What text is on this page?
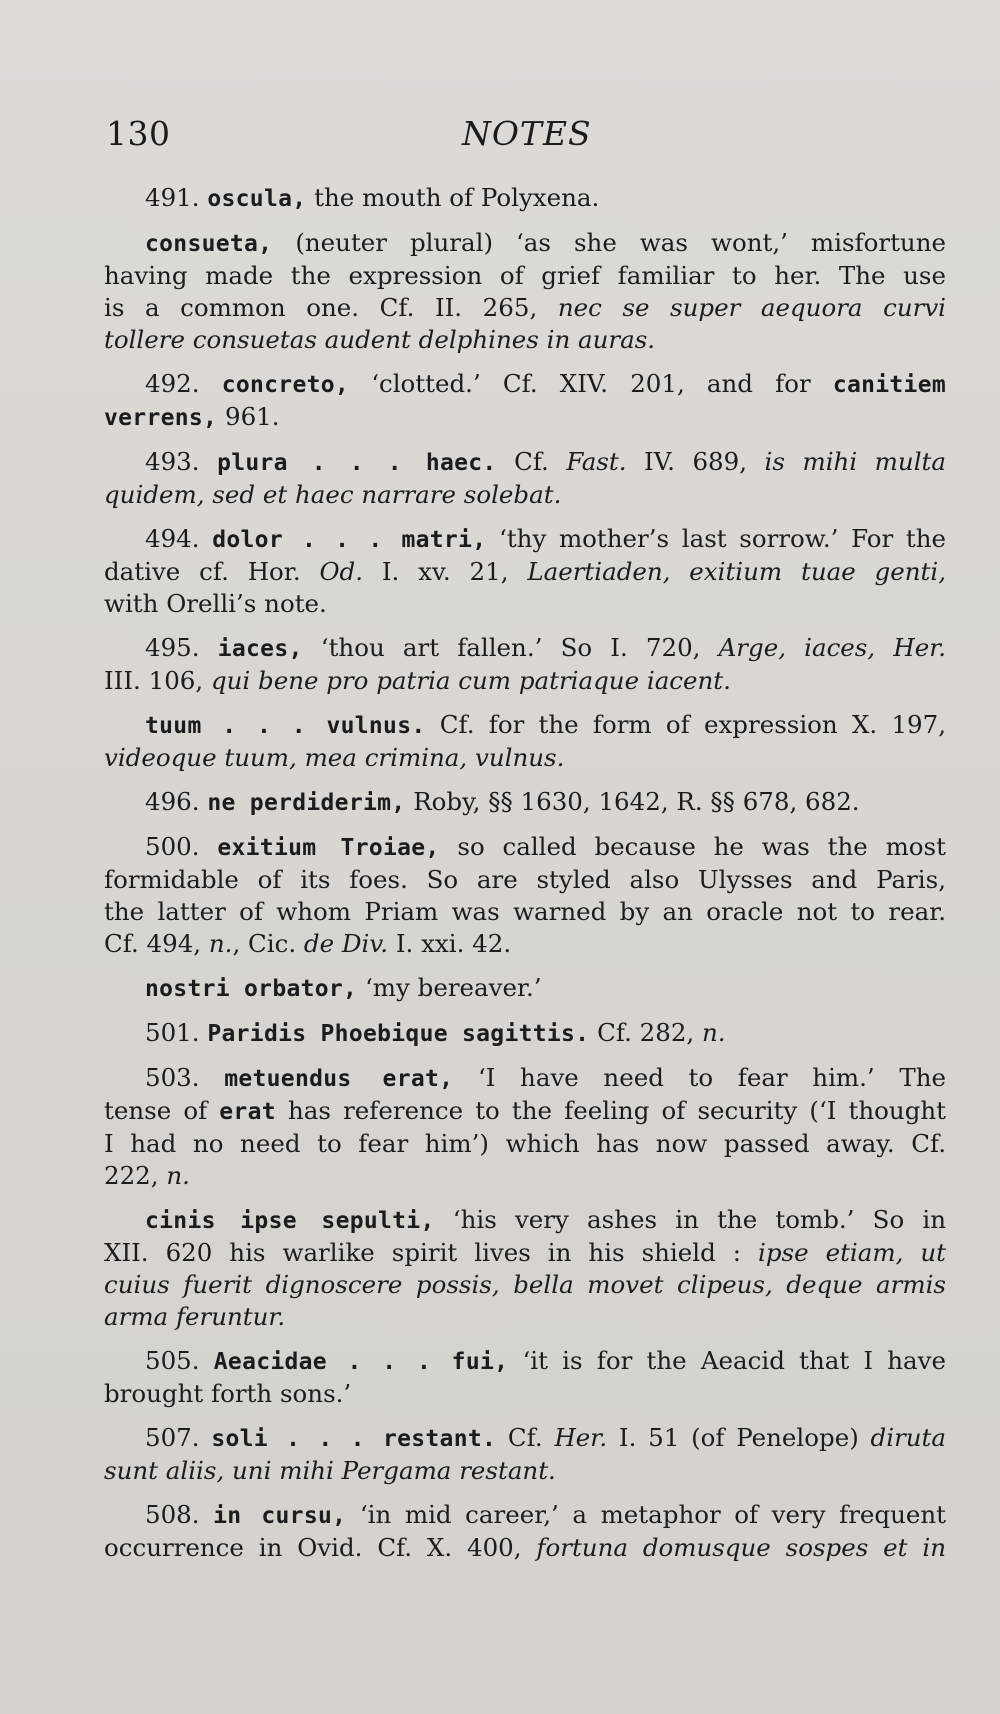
130	NOTES
491. oscula, the mouth of Polyxena.
consueta, (neuter plural) ‘as she was wont,’ misfortune
having made the expression of grief familiar to her. The use
is a common one. Cf. II. 265, nec se super aequora curvi
tollere consuetas audent delphines in auras.
492. concreto, ‘clotted.’ Cf. XIV. 201, and for canitiem
verrens, 961.
493. plura . . . haec. Cf. Fast. IV. 689, is mihi multa
quidem, sed et haec narrare solebat.
494. dolor . . . matri, ‘thy mother’s last sorrow.’ For the
dative cf. Hor. Od. I. xv. 21, Laertiaden, exitium tuae genti,
with Orelli’s note.
495. iaces, ‘thou art fallen.’ So I. 720, Arge, iaces, Her.
III. 106, qui bene pro patria cum patriaque iacent.
tuum . . . vulnus. Cf. for the form of expression X. 197,
videoque tuum, mea crimina, vulnus.
496. ne perdiderim, Roby, §§ 1630, 1642, R. §§ 678, 682.
500. exitium Troiae, so called because he was the most
formidable of its foes. So are styled also Ulysses and Paris,
the latter of whom Priam was warned by an oracle not to rear.
Cf. 494, n., Cic. de Div. I. xxi. 42.
nostri orbator, ‘my bereaver.’
501. Paridis Phoebique sagittis. Cf. 282, n.
503. metuendus erat, ‘I have need to fear him.’ The
tense of erat has reference to the feeling of security (‘I thought
I had no need to fear him’) which has now passed away. Cf.
222, n.
cinis ipse sepulti, ‘his very ashes in the tomb.’ So in
XII. 620 his warlike spirit lives in his shield : ipse etiam, ut
cuius fuerit dignoscere possis, bella movet clipeus, deque armis
arma feruntur.
505. Aeacidae . . . fui, ‘it is for the Aeacid that I have
brought forth sons.’
507. soli . . . restant. Cf. Her. I. 51 (of Penelope) diruta
sunt aliis, uni mihi Pergama restant.
508. in cursu, ‘in mid career,’ a metaphor of very frequent
occurrence in Ovid. Cf. X. 400, fortuna domusque sospes et in
